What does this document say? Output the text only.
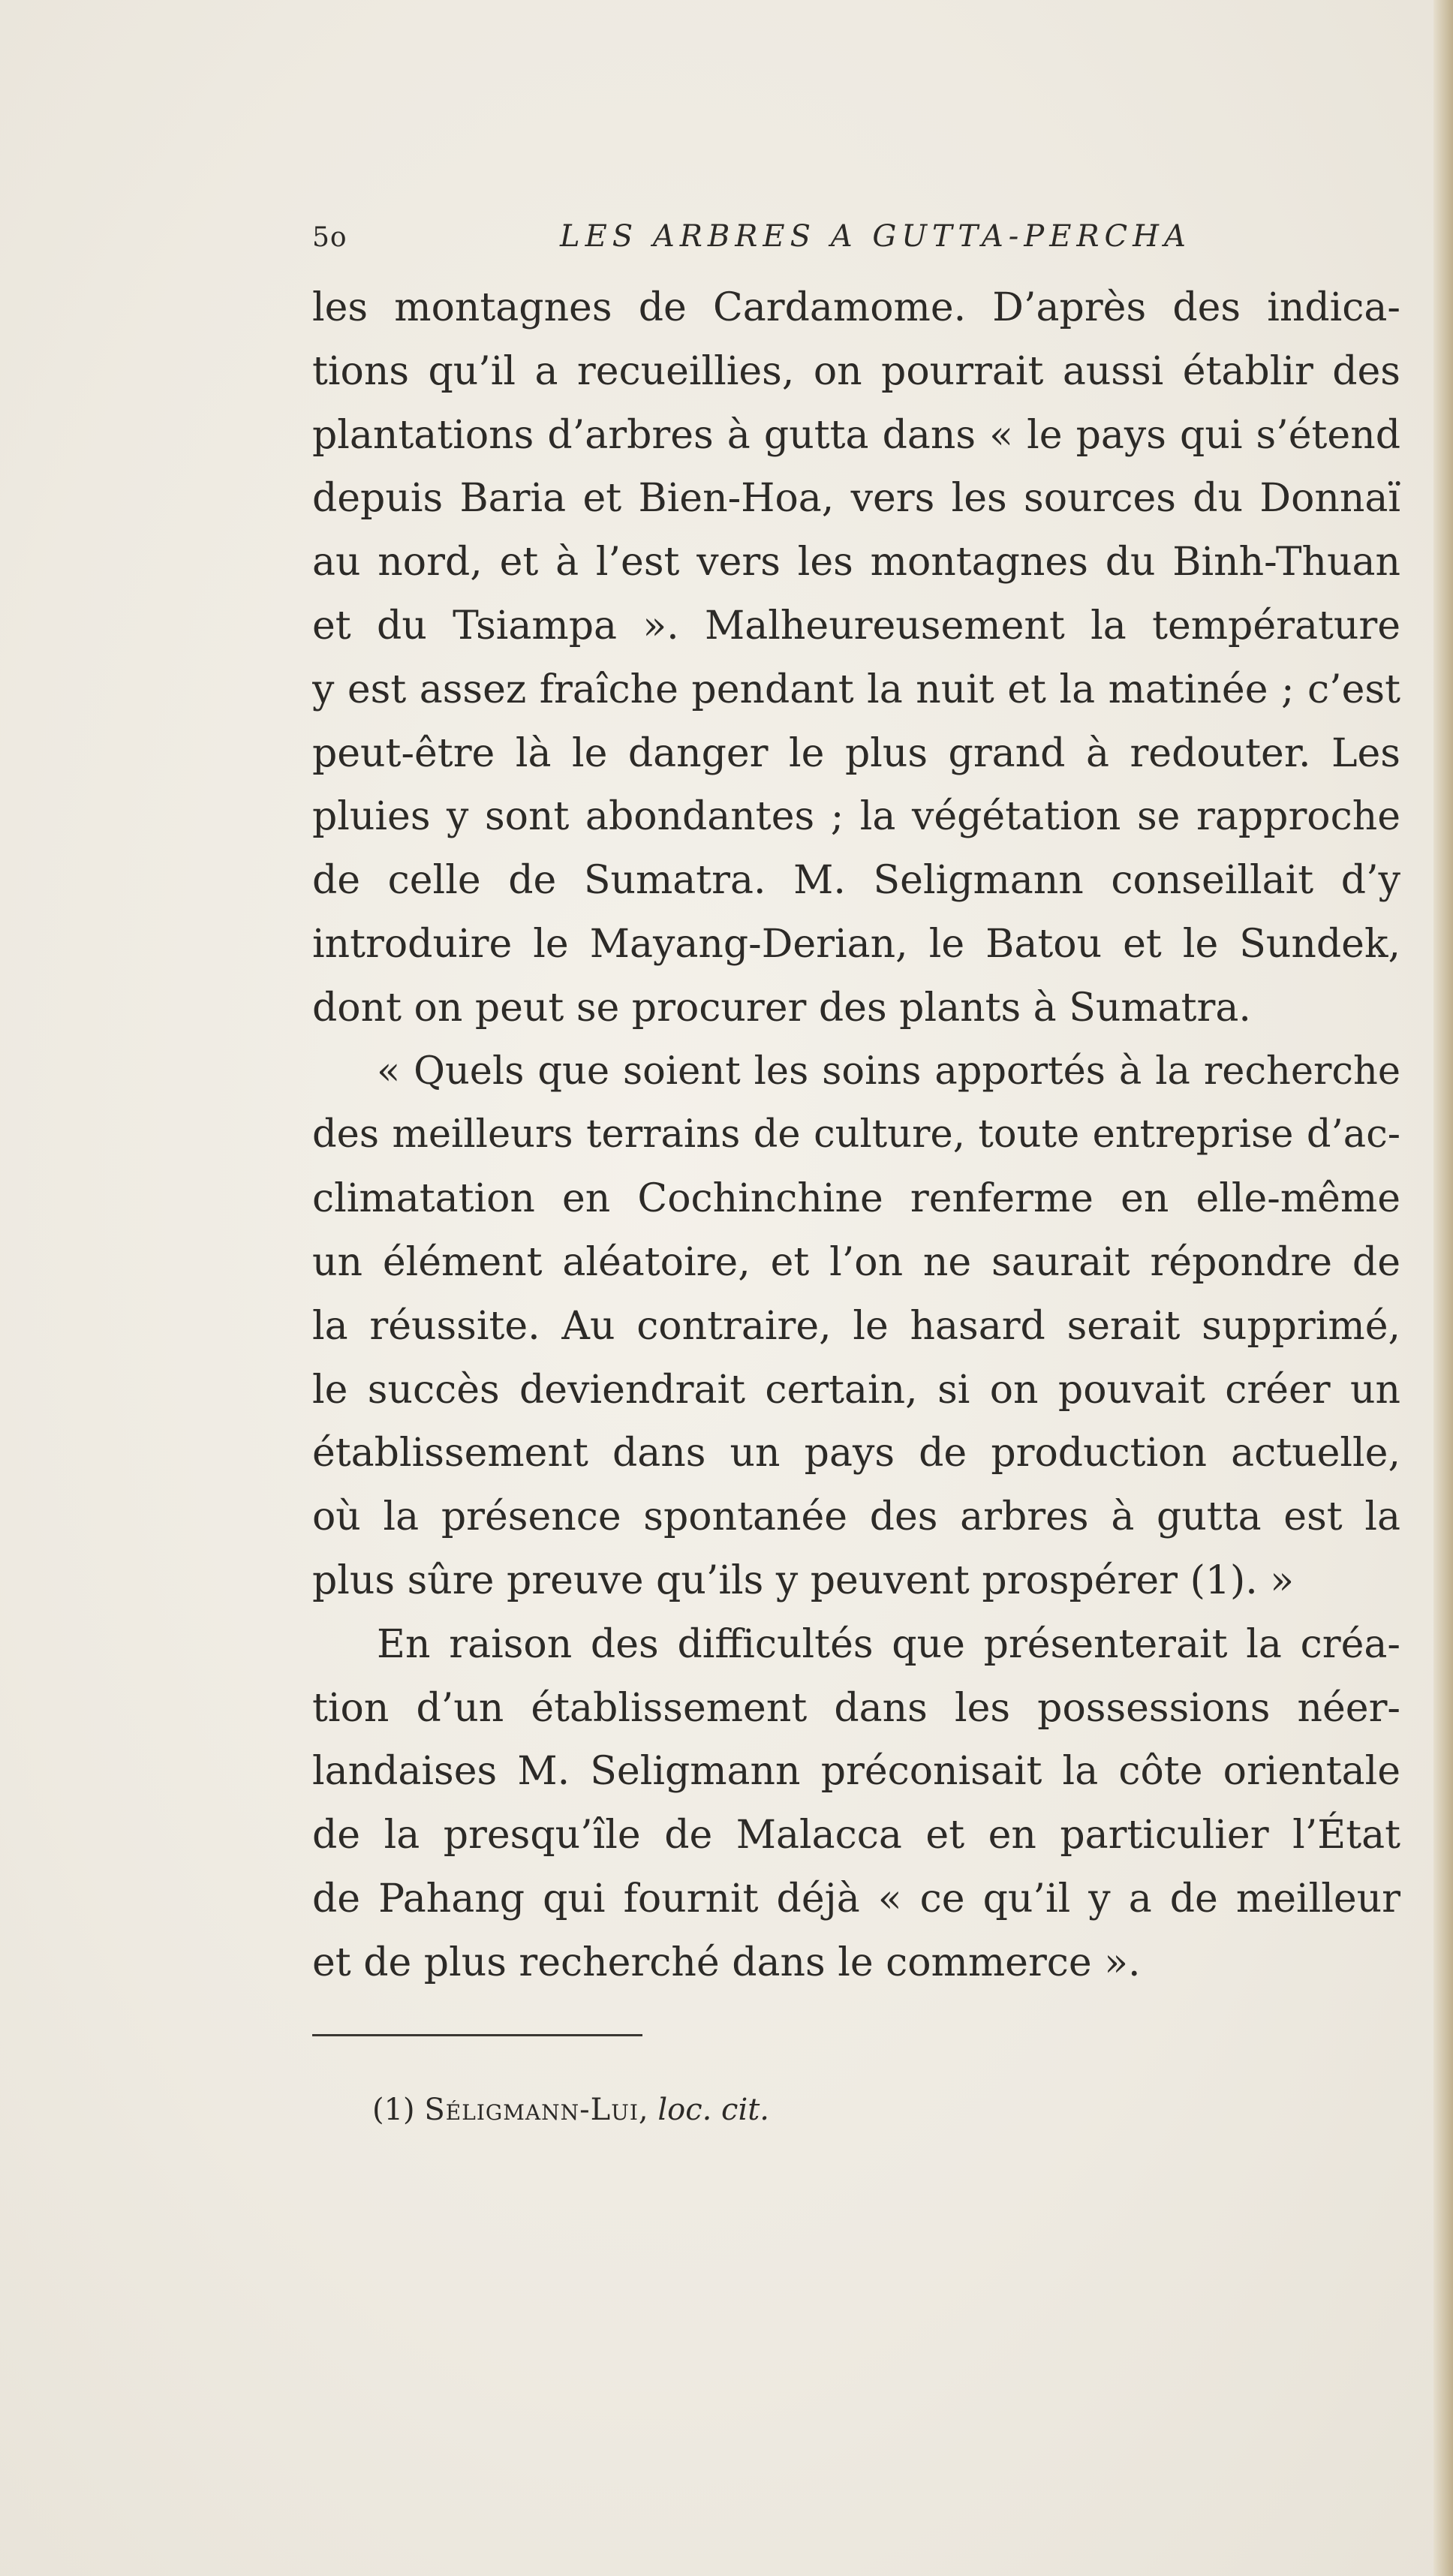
5o	LES ARBRES A GUTTA-PERCHA
les montagnes de Cardamome. D’après des indica-
tions qu’il a recueillies, on pourrait aussi établir des
plantations d’arbres à gutta dans « le pays qui s’étend
depuis Baria et Bien-Hoa, vers les sources du Donnaï
au nord, et à l’est vers les montagnes du Binh-Thuan
et du Tsiampa ». Malheureusement la température
y est assez fraîche pendant la nuit et la matinée ; c’est
peut-être là le danger le plus grand à redouter. Les
pluies y sont abondantes ; la végétation se rapproche
de celle de Sumatra. M. Seligmann conseillait d’y
introduire le Mayang-Derian, le Batou et le Sundek,
dont on peut se procurer des plants à Sumatra.
« Quels que soient les soins apportés à la recherche
des meilleurs terrains de culture, toute entreprise d’ac-
climatation en Cochinchine renferme en elle-même
un élément aléatoire, et l’on ne saurait répondre de
la réussite. Au contraire, le hasard serait supprimé,
le succès deviendrait certain, si on pouvait créer un
établissement dans un pays de production actuelle,
où la présence spontanée des arbres à gutta est la
plus sûre preuve qu’ils y peuvent prospérer (1). »
En raison des difficultés que présenterait la créa-
tion d’un établissement dans les possessions néer-
landaises M. Seligmann préconisait la côte orientale
de la presqu’île de Malacca et en particulier l’État
de Pahang qui fournit déjà « ce qu’il y a de meilleur
et de plus recherché dans le commerce ».
(1) Séligmann-Lui, loc. cit.
